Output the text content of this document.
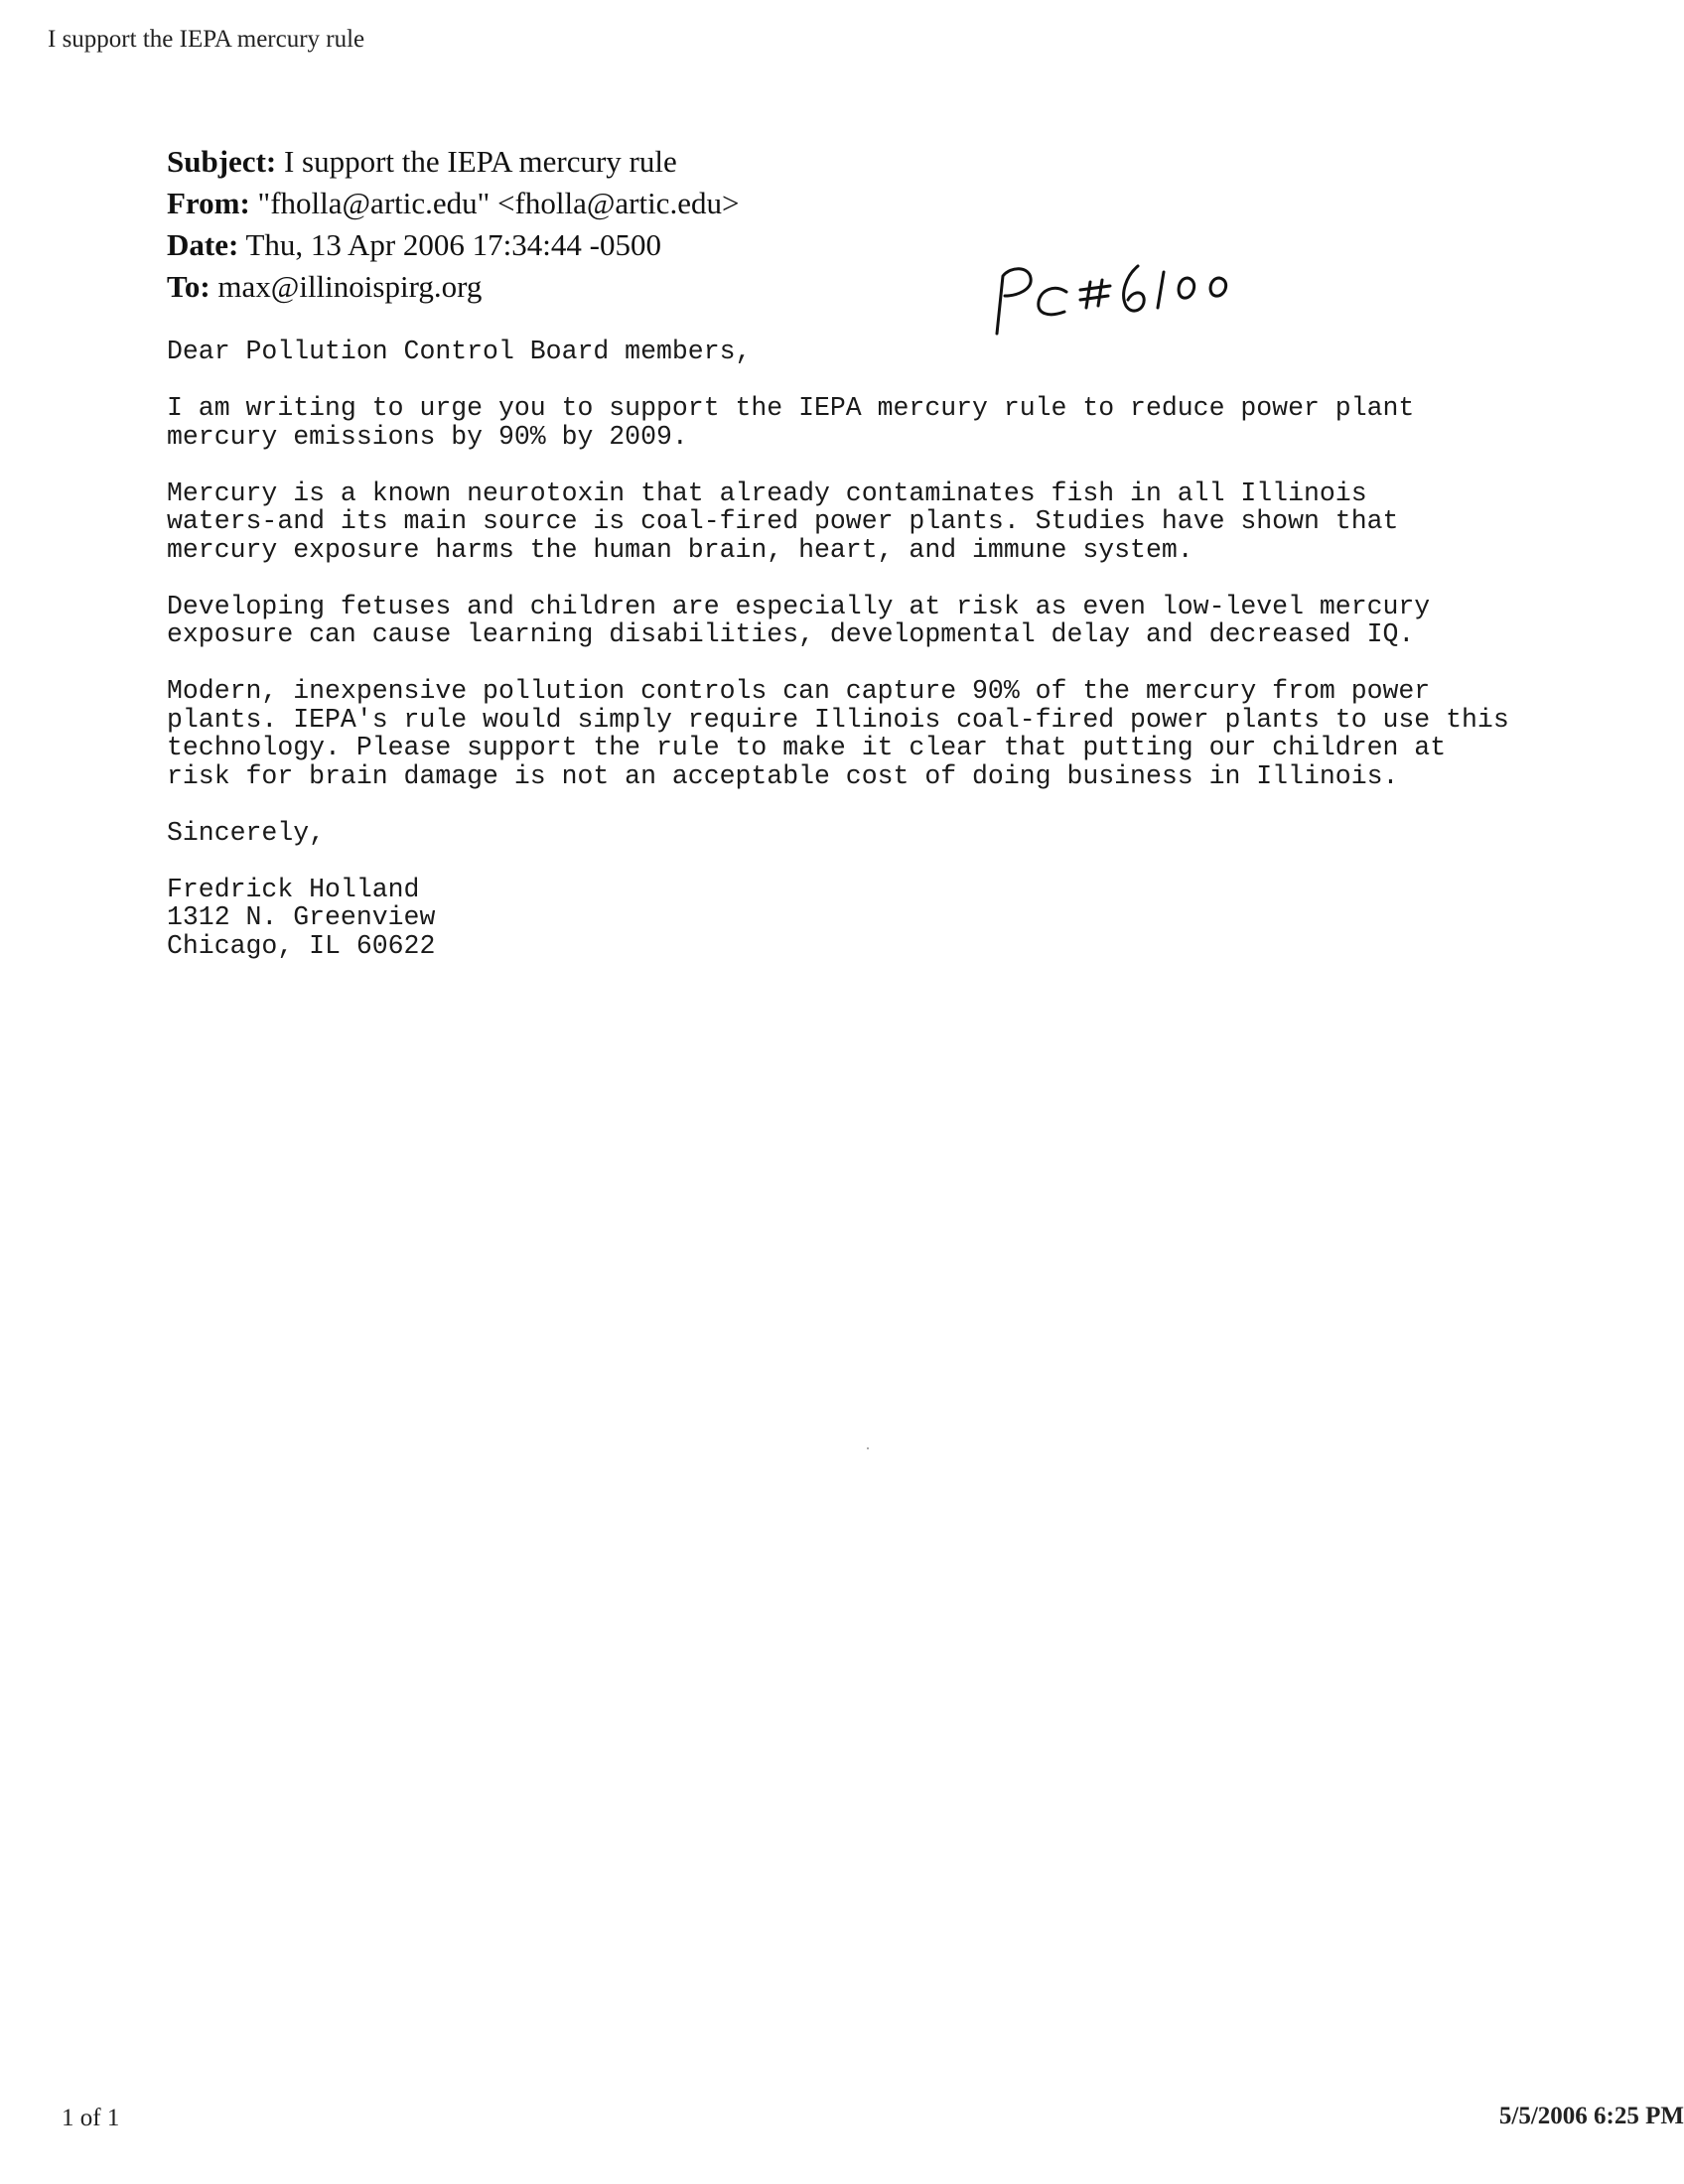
I support the IEPA mercury rule
Subject: I support the IEPA mercury rule
From: "fholla@artic.edu" <fholla@artic.edu>
Date: Thu, 13 Apr 2006 17:34:44 -0500
To: max@illinoispirg.org

Dear Pollution Control Board members,

I am writing to urge you to support the IEPA mercury rule to reduce power plant
mercury emissions by 90% by 2009.

Mercury is a known neurotoxin that already contaminates fish in all Illinois
waters-and its main source is coal-fired power plants. Studies have shown that
mercury exposure harms the human brain, heart, and immune system.

Developing fetuses and children are especially at risk as even low-level mercury
exposure can cause learning disabilities, developmental delay and decreased IQ.

Modern, inexpensive pollution controls can capture 90% of the mercury from power
plants. IEPA's rule would simply require Illinois coal-fired power plants to use this
technology. Please support the rule to make it clear that putting our children at
risk for brain damage is not an acceptable cost of doing business in Illinois.

Sincerely,

Fredrick Holland
1312 N. Greenview
Chicago, IL 60622
1 of 1	5/5/2006 6:25 PM
